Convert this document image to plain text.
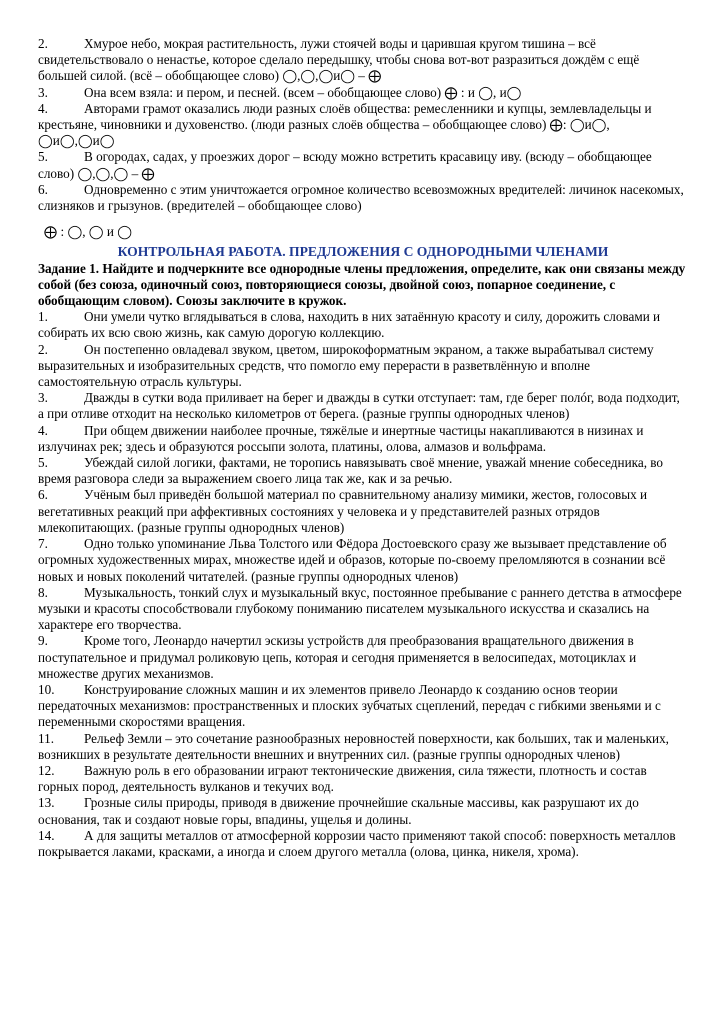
2.	Хмурое небо, мокрая растительность, лужи стоячей воды и царившая кругом тишина – всё свидетельствовало о ненастье, которое сделало передышку, чтобы снова вот-вот разразиться дождём с ещё большей силой. (всё – обобщающее слово) ◯,◯,◯и◯ – ⨁
3.	Она всем взяла: и пером, и песней. (всем – обобщающее слово) ⨁ : и ◯, и◯
4.	Авторами грамот оказались люди разных слоёв общества: ремесленники и купцы, землевладельцы и крестьяне, чиновники и духовенство. (люди разных слоёв общества – обобщающее слово) ⨁: ◯и◯, ◯и◯,◯и◯
5.	В огородах, садах, у проезжих дорог – всюду можно встретить красавицу иву. (всюду – обобщающее слово) ◯,◯,◯ – ⨁
6.	Одновременно с этим уничтожается огромное количество всевозможных вредителей: личинок насекомых, слизняков и грызунов. (вредителей – обобщающее слово)
⨁ : ◯, ◯ и ◯
КОНТРОЛЬНАЯ РАБОТА. ПРЕДЛОЖЕНИЯ С ОДНОРОДНЫМИ ЧЛЕНАМИ
Задание 1. Найдите и подчеркните все однородные члены предложения, определите, как они связаны между собой (без союза, одиночный союз, повторяющиеся союзы, двойной союз, попарное соединение, с обобщающим словом). Союзы заключите в кружок.
1.	Они умели чутко вглядываться в слова, находить в них затаённую красоту и силу, дорожить словами и собирать их всю свою жизнь, как самую дорогую коллекцию.
2.	Он постепенно овладевал звуком, цветом, широкоформатным экраном, а также вырабатывал систему выразительных и изобразительных средств, что помогло ему перерасти в разветвлённую и вполне самостоятельную отрасль культуры.
3.	Дважды в сутки вода приливает на берег и дважды в сутки отступает: там, где берег полóг, вода подходит, а при отливе отходит на несколько километров от берега. (разные группы однородных членов)
4.	При общем движении наиболее прочные, тяжёлые и инертные частицы накапливаются в низинах и излучинах рек; здесь и образуются россыпи золота, платины, олова, алмазов и вольфрама.
5.	Убеждай силой логики, фактами, не торопись навязывать своё мнение, уважай мнение собеседника, во время разговора следи за выражением своего лица так же, как и за речью.
6.	Учёным был приведён большой материал по сравнительному анализу мимики, жестов, голосовых и вегетативных реакций при аффективных состояниях у человека и у представителей разных отрядов млекопитающих. (разные группы однородных членов)
7.	Одно только упоминание Льва Толстого или Фёдора Достоевского сразу же вызывает представление об огромных художественных мирах, множестве идей и образов, которые по-своему преломляются в сознании всё новых и новых поколений читателей. (разные группы однородных членов)
8.	Музыкальность, тонкий слух и музыкальный вкус, постоянное пребывание с раннего детства в атмосфере музыки и красоты способствовали глубокому пониманию писателем музыкального искусства и сказались на характере его творчества.
9.	Кроме того, Леонардо начертил эскизы устройств для преобразования вращательного движения в поступательное и придумал роликовую цепь, которая и сегодня применяется в велосипедах, мотоциклах и множестве других механизмов.
10. Конструирование сложных машин и их элементов привело Леонардо к созданию основ теории передаточных механизмов: пространственных и плоских зубчатых сцеплений, передач с гибкими звеньями и с переменными скоростями вращения.
11. Рельеф Земли – это сочетание разнообразных неровностей поверхности, как больших, так и маленьких, возникших в результате деятельности внешних и внутренних сил. (разные группы однородных членов)
12. Важную роль в его образовании играют тектонические движения, сила тяжести, плотность и состав горных пород, деятельность вулканов и текучих вод.
13. Грозные силы природы, приводя в движение прочнейшие скальные массивы, как разрушают их до основания, так и создают новые горы, впадины, ущелья и долины.
14. А для защиты металлов от атмосферной коррозии часто применяют такой способ: поверхность металлов покрывается лаками, красками, а иногда и слоем другого металла (олова, цинка, никеля, хрома).
